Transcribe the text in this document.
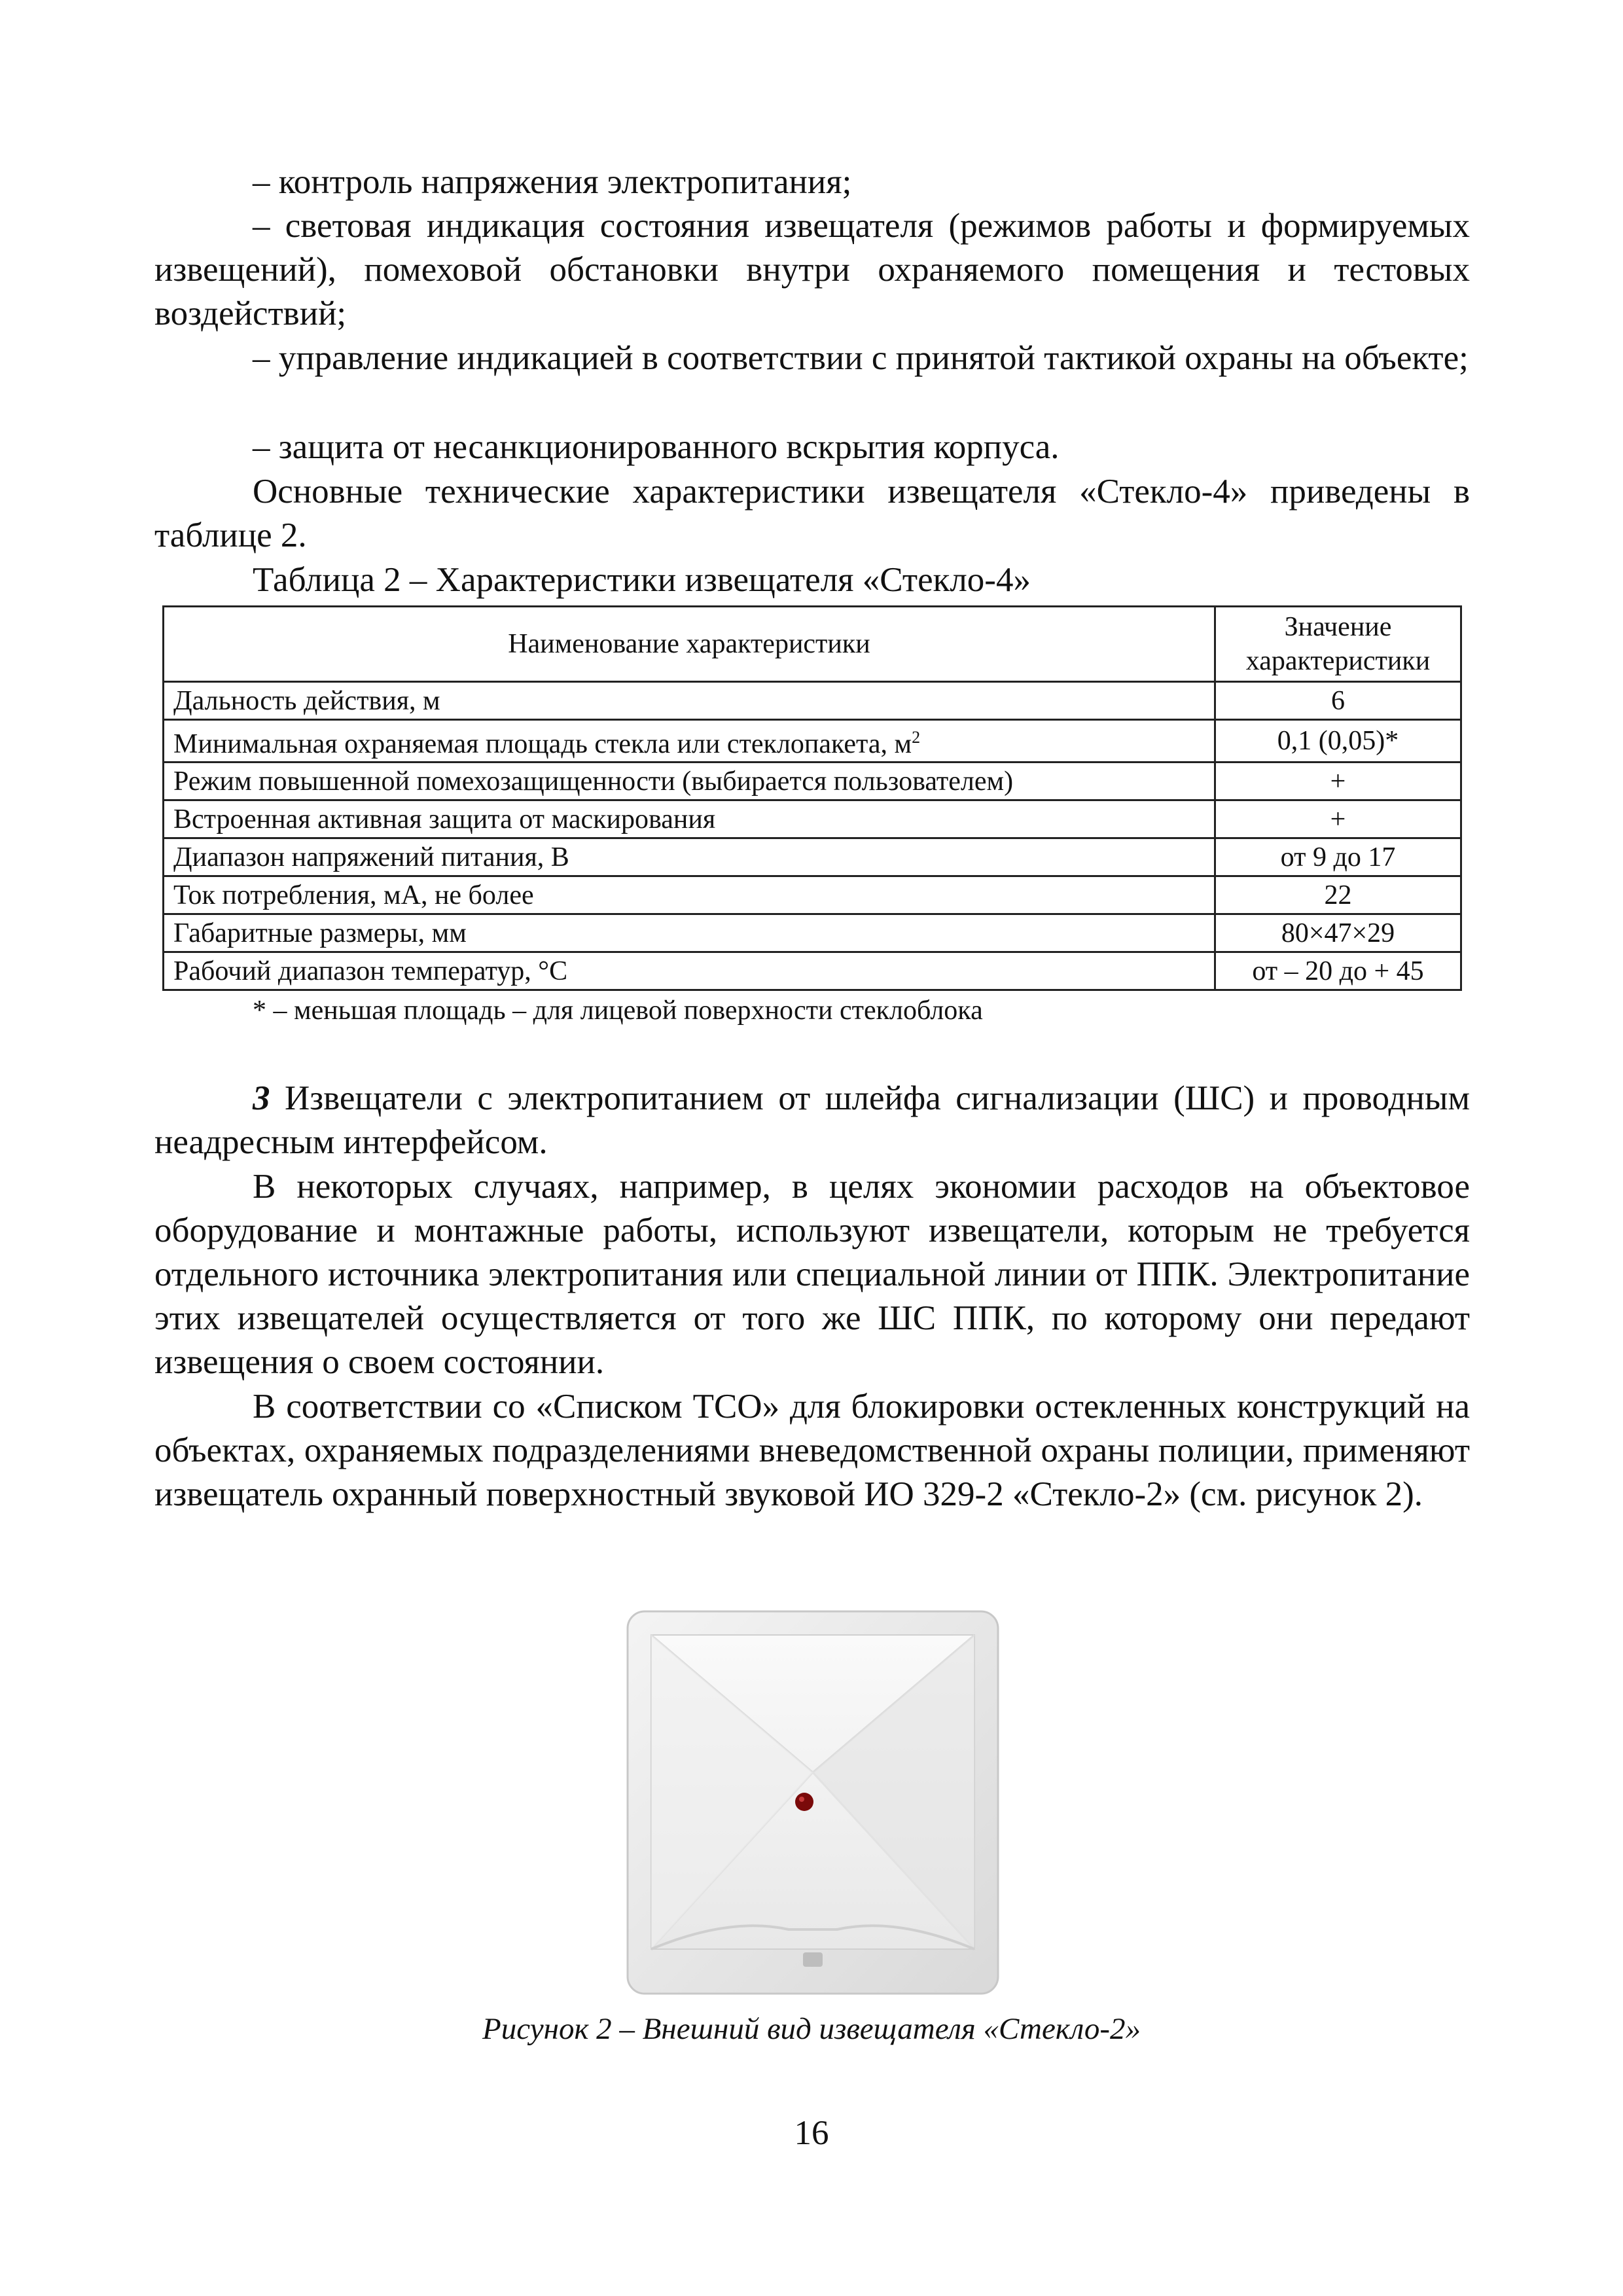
– контроль напряжения электропитания;

– световая индикация состояния извещателя (режимов работы и формируемых извещений), помеховой обстановки внутри охраняемого помещения и тестовых воздействий;

– управление индикацией в соответствии с принятой тактикой охраны на объекте;

– защита от несанкционированного вскрытия корпуса.

Основные технические характеристики извещателя «Стекло-4» приведены в таблице 2.

Таблица 2 – Характеристики извещателя «Стекло-4»

Наименование характеристики	Значение характеристики
Дальность действия, м	6
Минимальная охраняемая площадь стекла или стеклопакета, $м^2$	0,1 (0,05)*
Режим повышенной помехозащищенности (выбирается пользователем)	+
Встроенная активная защита от маскирования	+
Диапазон напряжений питания, В	от 9 до 17
Ток потребления, мА, не более	22
Габаритные размеры, мм	80×47×29
Рабочий диапазон температур, °С	от – 20 до + 45

* – меньшая площадь – для лицевой поверхности стеклоблока

3 Извещатели с электропитанием от шлейфа сигнализации (ШС) и проводным неадресным интерфейсом.

В некоторых случаях, например, в целях экономии расходов на объектовое оборудование и монтажные работы, используют извещатели, которым не требуется отдельного источника электропитания или специальной линии от ППК. Электропитание этих извещателей осуществляется от того же ШС ППК, по которому они передают извещения о своем состоянии.

В соответствии со «Списком ТСО» для блокировки остекленных конструкций на объектах, охраняемых подразделениями вневедомственной охраны полиции, применяют извещатель охранный поверхностный звуковой ИО 329-2 «Стекло-2» (см. рисунок 2).

Рисунок 2 – Внешний вид извещателя «Стекло-2»

16
